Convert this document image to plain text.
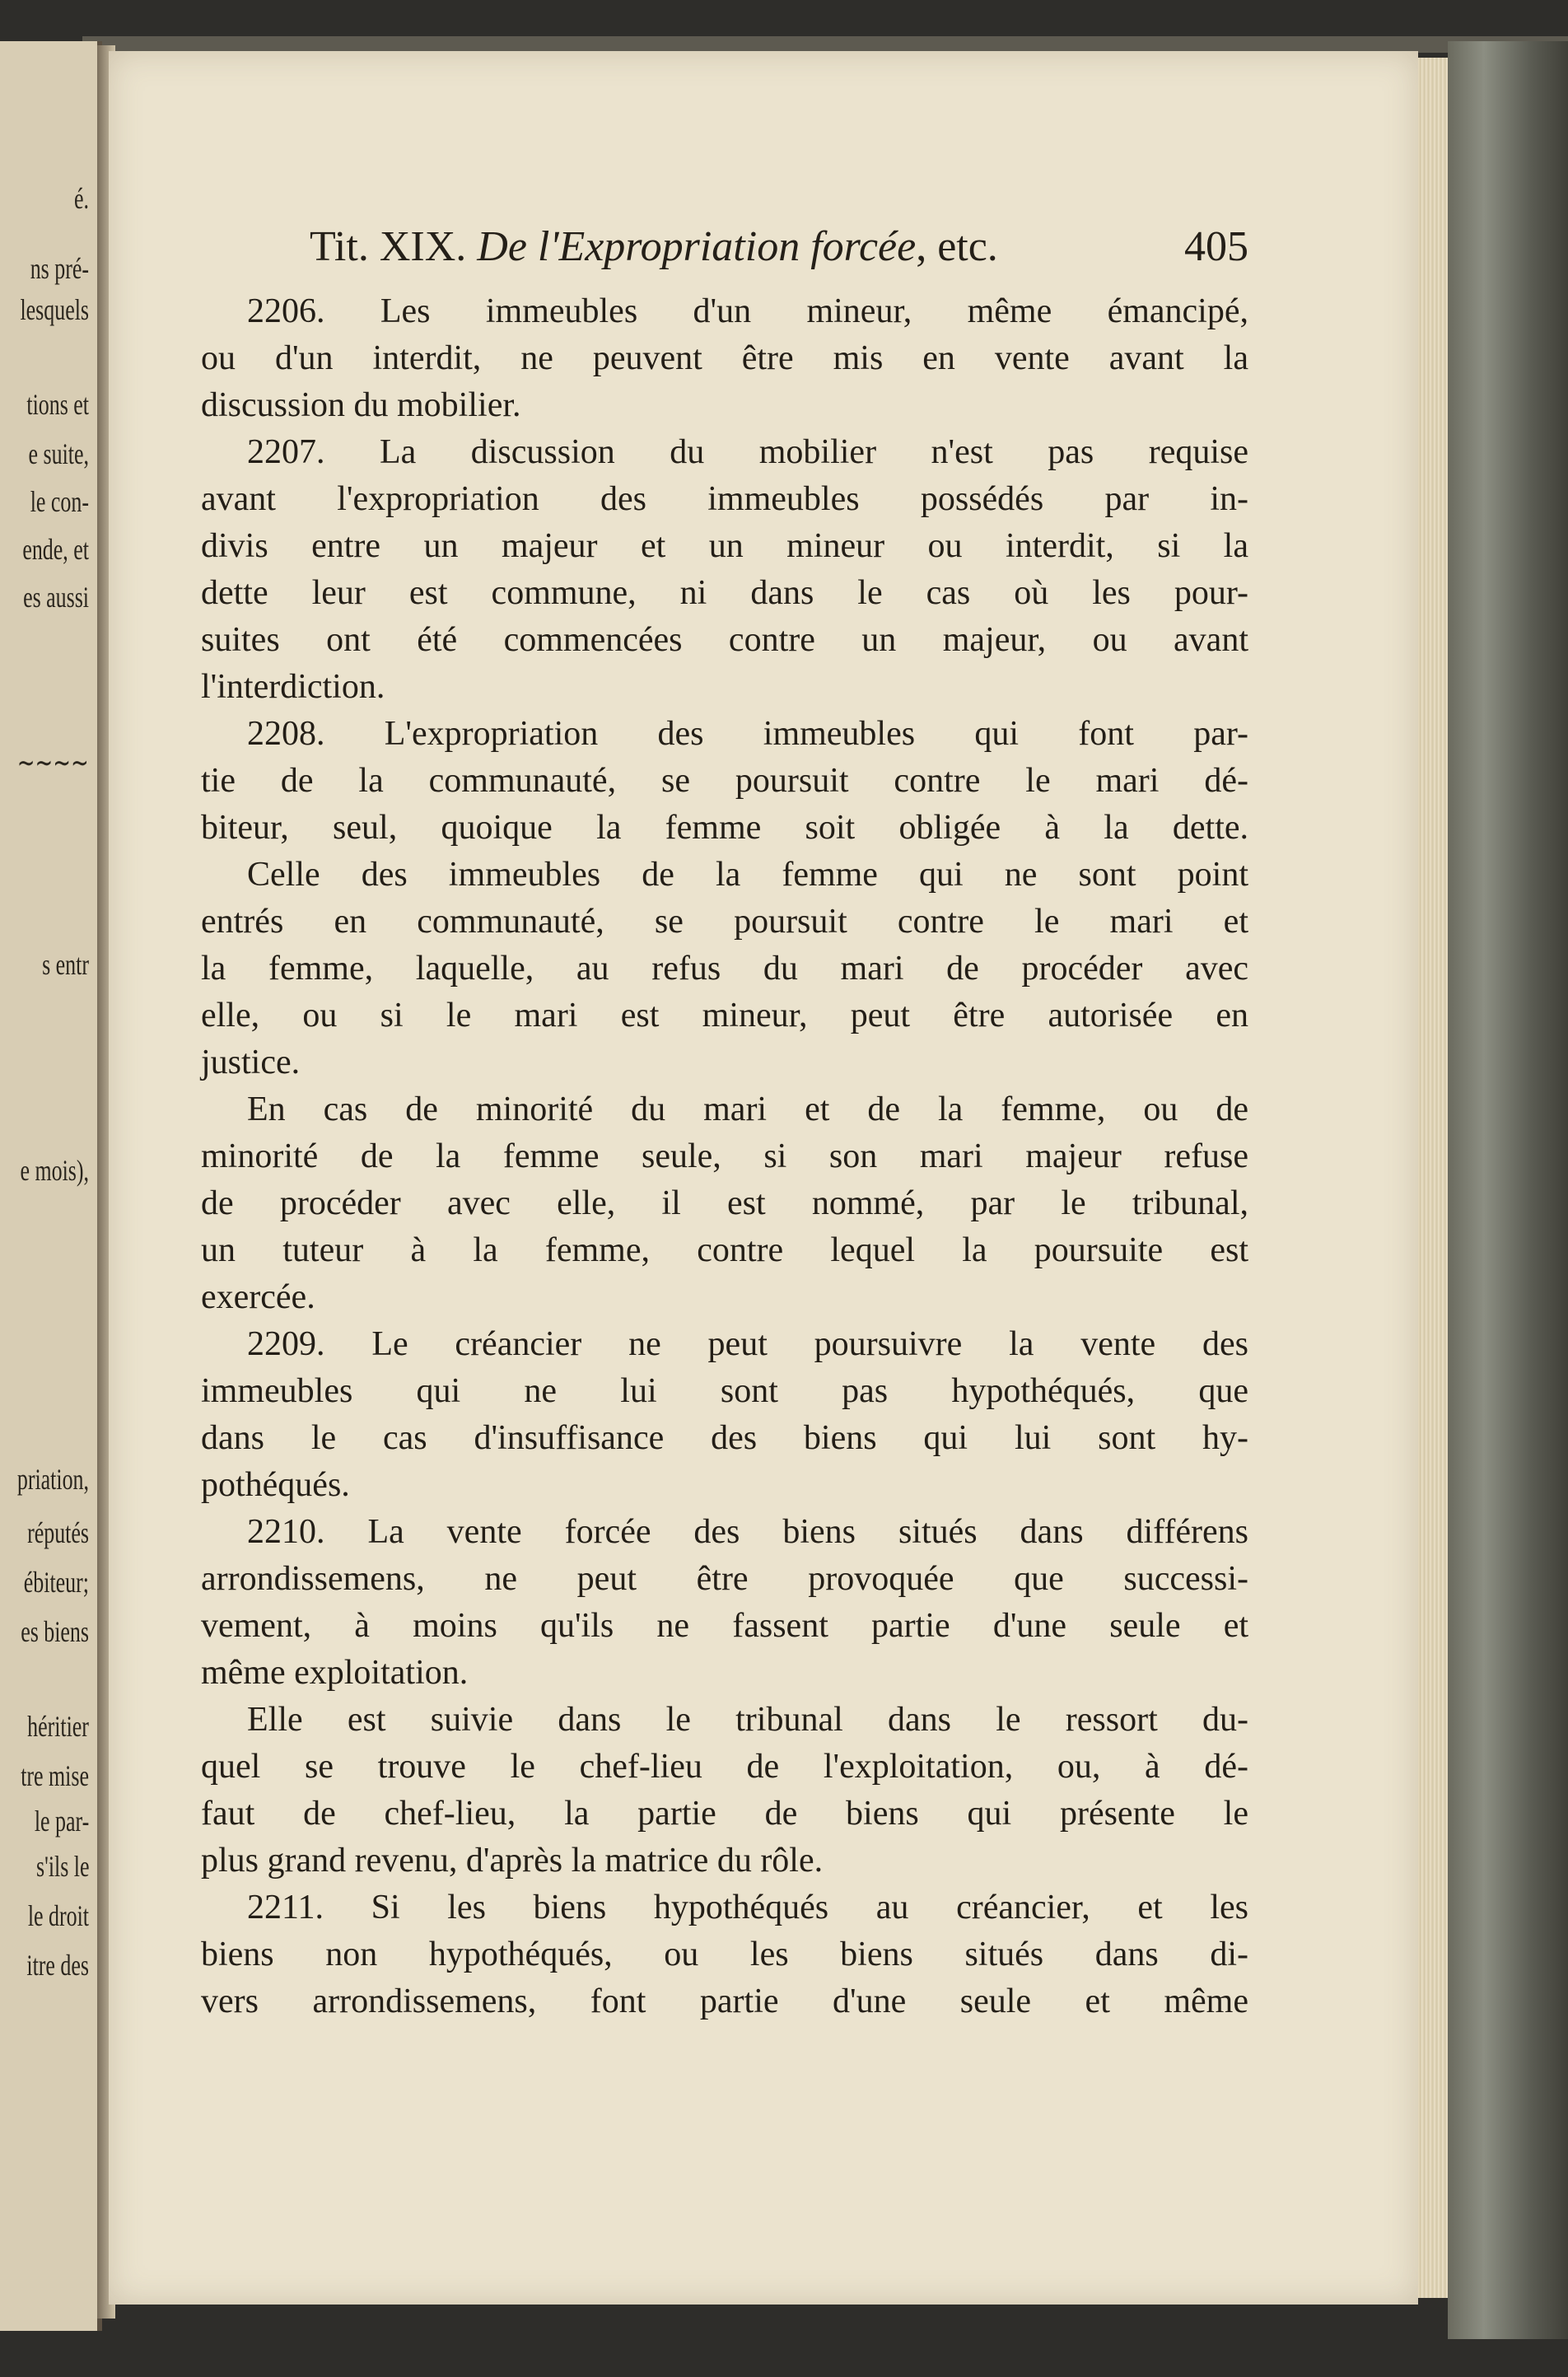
é.
ns pré-
lesquels
tions et
e suite,
le con-
ende, et
es aussi
∼∼∼∼
s entr
e mois),
priation,
réputés
ébiteur;
es biens
héritier
tre mise
le par-
s'ils le
le droit
itre des
Tit. XIX. De l'Expropriation forcée, etc.	405
2206. Les immeubles d'un mineur, même émancipé,
ou d'un interdit, ne peuvent être mis en vente avant la
discussion du mobilier.
2207. La discussion du mobilier n'est pas requise
avant l'expropriation des immeubles possédés par in-
divis entre un majeur et un mineur ou interdit, si la
dette leur est commune, ni dans le cas où les pour-
suites ont été commencées contre un majeur, ou avant
l'interdiction.
2208. L'expropriation des immeubles qui font par-
tie de la communauté, se poursuit contre le mari dé-
biteur, seul, quoique la femme soit obligée à la dette.
Celle des immeubles de la femme qui ne sont point
entrés en communauté, se poursuit contre le mari et
la femme, laquelle, au refus du mari de procéder avec
elle, ou si le mari est mineur, peut être autorisée en
justice.
En cas de minorité du mari et de la femme, ou de
minorité de la femme seule, si son mari majeur refuse
de procéder avec elle, il est nommé, par le tribunal,
un tuteur à la femme, contre lequel la poursuite est
exercée.
2209. Le créancier ne peut poursuivre la vente des
immeubles qui ne lui sont pas hypothéqués, que
dans le cas d'insuffisance des biens qui lui sont hy-
pothéqués.
2210. La vente forcée des biens situés dans différens
arrondissemens, ne peut être provoquée que successi-
vement, à moins qu'ils ne fassent partie d'une seule et
même exploitation.
Elle est suivie dans le tribunal dans le ressort du-
quel se trouve le chef-lieu de l'exploitation, ou, à dé-
faut de chef-lieu, la partie de biens qui présente le
plus grand revenu, d'après la matrice du rôle.
2211. Si les biens hypothéqués au créancier, et les
biens non hypothéqués, ou les biens situés dans di-
vers arrondissemens, font partie d'une seule et même
